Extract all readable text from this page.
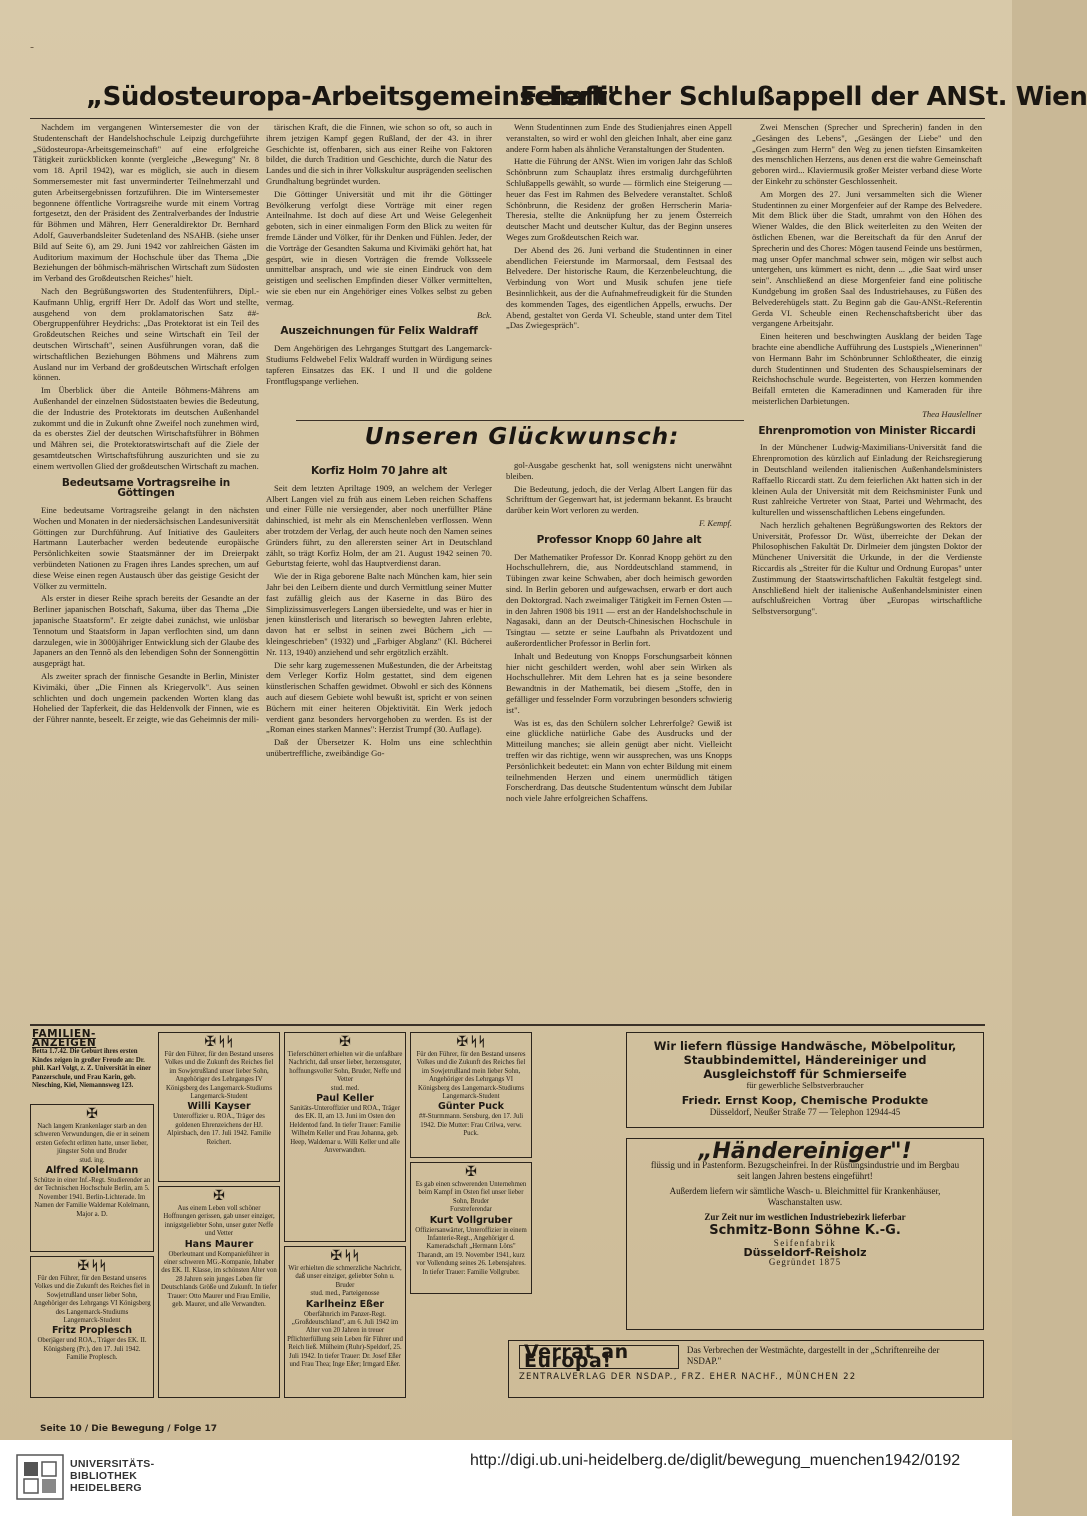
-
„Südosteuropa-Arbeitsgemeinschaft"
Feierlicher Schlußappell der ANSt. Wien

Nachdem im vergangenen Wintersemester die von der Studentenschaft der Handelshochschule Leipzig durchgeführte „Südosteuropa-Arbeitsgemeinschaft" auf eine erfolgreiche Tätigkeit zurückblicken konnte (vergleiche „Bewegung" Nr. 8 vom 18. April 1942), war es möglich, sie auch in diesem Sommersemester mit fast unverminderter Teilnehmerzahl und guten Arbeitsergebnissen fortzuführen. Die im Wintersemester begonnene öffentliche Vortragsreihe wurde mit einem Vortrag fortgesetzt, den der Präsident des Zentralverbandes der Industrie für Böhmen und Mähren, Herr Generaldirektor Dr. Bernhard Adolf, Gauverbandsleiter Sudetenland des NSAHB. (siehe unser Bild auf Seite 6), am 29. Juni 1942 vor zahlreichen Gästen im Auditorium maximum der Hochschule über das Thema „Die Beziehungen der böhmisch-mährischen Wirtschaft zum Südosten im Verband des Großdeutschen Reiches" hielt.

Nach den Begrüßungsworten des Studentenführers, Dipl.-Kaufmann Uhlig, ergriff Herr Dr. Adolf das Wort und stellte, ausgehend von dem proklamatorischen Satz ##-Obergruppenführer Heydrichs: „Das Protektorat ist ein Teil des Großdeutschen Reiches und seine Wirtschaft ein Teil der deutschen Wirtschaft", seinen Ausführungen voran, daß die wirtschaftlichen Beziehungen Böhmens und Mährens zum Ausland nur im Verband der großdeutschen Wirtschaft erfolgen können.

Im Überblick über die Anteile Böhmens-Mährens am Außenhandel der einzelnen Südoststaaten bewies die Bedeutung, die der Industrie des Protektorats im deutschen Außenhandel zukommt und die in Zukunft ohne Zweifel noch zunehmen wird, da es oberstes Ziel der deutschen Wirtschaftsführer in Böhmen und Mähren sei, die Protektoratswirtschaft auf die Ziele der gesamtdeutschen Wirtschaftsführung auszurichten und sie zu einem wertvollen Glied der großdeutschen Wirtschaft zu machen.

Bedeutsame Vortragsreihe in Göttingen

Eine bedeutsame Vortragsreihe gelangt in den nächsten Wochen und Monaten in der niedersächsischen Landesuniversität Göttingen zur Durchführung. Auf Initiative des Gauleiters Hartmann Lauterbacher werden bedeutende europäische Persönlichkeiten sowie Staatsmänner der im Dreierpakt verbündeten Nationen zu Fragen ihres Landes sprechen, um auf diese Weise einen regen Austausch über das geistige Gesicht der Völker zu vermitteln.

Als erster in dieser Reihe sprach bereits der Gesandte an der Berliner japanischen Botschaft, Sakuma, über das Thema „Die japanische Staatsform". Er zeigte dabei zunächst, wie unlösbar Tennotum und Staatsform in Japan verflochten sind, um dann darzulegen, wie in 3000jähriger Entwicklung sich der Glaube des Japaners an den Tennō als den lebendigen Sohn der Sonnengöttin ausgeprägt hat.

Als zweiter sprach der finnische Gesandte in Berlin, Minister Kivimäki, über „Die Finnen als Kriegervolk". Aus seinen schlichten und doch ungemein packenden Worten klang das Hohelied der Tapferkeit, die das Heldenvolk der Finnen, wie es der Führer nannte, beseelt. Er zeigte, wie das Geheimnis der mili-

tärischen Kraft, die die Finnen, wie schon so oft, so auch in ihrem jetzigen Kampf gegen Rußland, der der 43. in ihrer Geschichte ist, offenbaren, sich aus einer Reihe von Faktoren bildet, die durch Tradition und Geschichte, durch die Natur des Landes und die sich in ihrer Volkskultur ausprägenden seelischen Grundhaltung begründet wurden.

Die Göttinger Universität und mit ihr die Göttinger Bevölkerung verfolgt diese Vorträge mit einer regen Anteilnahme. Ist doch auf diese Art und Weise Gelegenheit geboten, sich in einer einmaligen Form den Blick zu weiten für fremde Länder und Völker, für ihr Denken und Fühlen. Jeder, der die Vorträge der Gesandten Sakuma und Kivimäki gehört hat, hat gespürt, wie in diesen Vorträgen die fremde Volksseele unmittelbar ansprach, und wie sie einen Eindruck von dem geistigen und seelischen Empfinden dieser Völker vermittelten, wie sie eben nur ein Angehöriger eines Volkes selbst zu geben vermag.

Bck.

Auszeichnungen für Felix Waldraff

Dem Angehörigen des Lehrganges Stuttgart des Langemarck-Studiums Feldwebel Felix Waldraff wurden in Würdigung seines tapferen Einsatzes das EK. I und II und die goldene Frontflugspange verliehen.

Wenn Studentinnen zum Ende des Studienjahres einen Appell veranstalten, so wird er wohl den gleichen Inhalt, aber eine ganz andere Form haben als ähnliche Veranstaltungen der Studenten.

Hatte die Führung der ANSt. Wien im vorigen Jahr das Schloß Schönbrunn zum Schauplatz ihres erstmalig durchgeführten Schlußappells gewählt, so wurde — förmlich eine Steigerung — heuer das Fest im Rahmen des Belvedere veranstaltet. Schloß Schönbrunn, die Residenz der großen Herrscherin Maria-Theresia, stellte die Anknüpfung her zu jenem Österreich deutscher Macht und deutscher Kultur, das der Beginn unseres Weges zum Großdeutschen Reich war.

Der Abend des 26. Juni verband die Studentinnen in einer abendlichen Feierstunde im Marmorsaal, dem Festsaal des Belvedere. Der historische Raum, die Kerzenbeleuchtung, die Verbindung von Wort und Musik schufen jene tiefe Besinnlichkeit, aus der die Aufnahmefreudigkeit für die Stunden des kommenden Tages, des eigentlichen Appells, erwuchs. Der Abend, gestaltet von Gerda VI. Scheuble, stand unter dem Titel „Das Zwiegespräch".

Zwei Menschen (Sprecher und Sprecherin) fanden in den „Gesängen des Lebens", „Gesängen der Liebe" und den „Gesängen zum Herrn" den Weg zu jenen tiefsten Einsamkeiten des menschlichen Herzens, aus denen erst die wahre Gemeinschaft geboren wird... Klaviermusik großer Meister verband diese Worte der Einkehr zu schönster Geschlossenheit.

Am Morgen des 27. Juni versammelten sich die Wiener Studentinnen zu einer Morgenfeier auf der Rampe des Belvedere. Mit dem Blick über die Stadt, umrahmt von den Höhen des Wiener Waldes, die den Blick weiterleiten zu den Weiten der östlichen Ebenen, war die Bereitschaft da für den Anruf der Sprecherin und des Chores: Mögen tausend Feinde uns bestürmen, mag unser Opfer manchmal schwer sein, mögen wir selbst auch untergehen, uns kümmert es nicht, denn ... „die Saat wird unser sein". Anschließend an diese Morgenfeier fand eine politische Kundgebung im großen Saal des Industriehauses, zu Füßen des Belvederehügels statt. Zu Beginn gab die Gau-ANSt.-Referentin Gerda VI. Scheuble einen Rechenschaftsbericht über das vergangene Arbeitsjahr.

Einen heiteren und beschwingten Ausklang der beiden Tage brachte eine abendliche Aufführung des Lustspiels „Wienerinnen" von Hermann Bahr im Schönbrunner Schloßtheater, die einzig durch Studentinnen und Studenten des Schauspielseminars der Reichshochschule wurde. Begeisterten, von Herzen kommenden Beifall ernteten die Kameradinnen und Kameraden für ihre meisterlichen Darbietungen.

Thea Hauslellner

Ehrenpromotion von Minister Riccardi

In der Münchener Ludwig-Maximilians-Universität fand die Ehrenpromotion des kürzlich auf Einladung der Reichsregierung in Deutschland weilenden italienischen Außenhandelsministers Raffaello Riccardi statt. Zu dem feierlichen Akt hatten sich in der kleinen Aula der Universität mit dem Reichsminister Funk und Rust zahlreiche Vertreter von Staat, Partei und Wehrmacht, des kulturellen und wissenschaftlichen Lebens eingefunden.

Nach herzlich gehaltenen Begrüßungsworten des Rektors der Universität, Professor Dr. Wüst, überreichte der Dekan der Philosophischen Fakultät Dr. Dirlmeier dem jüngsten Doktor der Münchener Universität die Urkunde, in der die Verdienste Riccardis als „Streiter für die Kultur und Ordnung Europas" unter Zustimmung der Staatswirtschaftlichen Fakultät festgelegt sind. Anschließend hielt der italienische Außenhandelsminister einen aufschlußreichen Vortrag über „Europas wirtschaftliche Selbstversorgung".

Unseren Glückwunsch:
Korfiz Holm 70 Jahre alt

Seit dem letzten Apriltage 1909, an welchem der Verleger Albert Langen viel zu früh aus einem Leben reichen Schaffens und einer Fülle nie versiegender, aber noch unerfüllter Pläne dahinschied, ist mehr als ein Menschenleben verflossen. Wenn aber trotzdem der Verlag, der auch heute noch den Namen seines Gründers führt, zu den allerersten seiner Art in Deutschland zählt, so trägt Korfiz Holm, der am 21. August 1942 seinen 70. Geburtstag feierte, wohl das Hauptverdienst daran.

Wie der in Riga geborene Balte nach München kam, hier sein Jahr bei den Leibern diente und durch Vermittlung seiner Mutter fast zufällig gleich aus der Kaserne in das Büro des Simplizissimusverlegers Langen übersiedelte, und was er hier in jenen künstlerisch und literarisch so bewegten Jahren erlebte, davon hat er selbst in seinen zwei Büchern „ich — kleingeschrieben" (1932) und „Farbiger Abglanz" (Kl. Bücherei Nr. 113, 1940) anziehend und sehr ergötzlich erzählt.

Die sehr karg zugemessenen Mußestunden, die der Arbeitstag dem Verleger Korfiz Holm gestattet, sind dem eigenen künstlerischen Schaffen gewidmet. Obwohl er sich des Könnens auch auf diesem Gebiete wohl bewußt ist, spricht er von seinen Büchern mit einer heiteren Objektivität. Ein Werk jedoch verdient ganz besonders hervorgehoben zu werden. Es ist der „Roman eines starken Mannes": Herzist Trumpf (30. Auflage).

Daß der Übersetzer K. Holm uns eine schlechthin unübertreffliche, zweibändige Go-

gol-Ausgabe geschenkt hat, soll wenigstens nicht unerwähnt bleiben.

Die Bedeutung, jedoch, die der Verlag Albert Langen für das Schrifttum der Gegenwart hat, ist jedermann bekannt. Es braucht darüber kein Wort verloren zu werden.

F. Kempf.

Professor Knopp 60 Jahre alt

Der Mathematiker Professor Dr. Konrad Knopp gehört zu den Hochschullehrern, die, aus Norddeutschland stammend, in Tübingen zwar keine Schwaben, aber doch heimisch geworden sind. In Berlin geboren und aufgewachsen, erwarb er dort auch den Doktorgrad. Nach zweimaliger Tätigkeit im Fernen Osten — in den Jahren 1908 bis 1911 — erst an der Handelshochschule in Nagasaki, dann an der Deutsch-Chinesischen Hochschule in Tsingtau — setzte er seine Laufbahn als Privatdozent und außerordentlicher Professor in Berlin fort.

Inhalt und Bedeutung von Knopps Forschungsarbeit können hier nicht geschildert werden, wohl aber sein Wirken als Hochschullehrer. Mit dem Lehren hat es ja seine besondere Bewandtnis in der Mathematik, bei diesem „Stoffe, den in gefälliger und fesselnder Form vorzubringen besonders schwierig ist".

Was ist es, das den Schülern solcher Lehrerfolge? Gewiß ist eine glückliche natürliche Gabe des Ausdrucks und der Mitteilung manches; sie allein genügt aber nicht. Vielleicht treffen wir das richtige, wenn wir aussprechen, was uns Knopps Persönlichkeit bedeutet: ein Mann von echter Bildung mit einem teilnehmenden Herzen und einem unermüdlich tätigen Forscherdrang. Das deutsche Studententum wünscht dem Jubilar noch viele Jahre erfolgreichen Schaffens.

FAMILIEN-ANZEIGEN
Betta 1.7.42. Die Geburt ihres ersten Kindes zeigen in großer Freude an: Dr. phil. Karl Volgt, z. Z. Universität in einer Panzerschule, und Frau Karin, geb. Niesching, Kiel, Niemannsweg 123.
✠
Nach langem Krankenlager starb an den schweren Verwundungen, die er in seinem ersten Gefecht erlitten hatte, unser lieber, jüngster Sohn und Bruder
stud. ing.
Alfred Kolelmann
Schütze in einer Inf.-Regt. Studierender an der Technischen Hochschule Berlin, am 5. November 1941. Berlin-Lichterade. Im Namen der Familie Waldemar Kolelmann, Major a. D.
✠ ᛋᛋ
Für den Führer, für den Bestand unseres Volkes und die Zukunft des Reiches fiel in Sowjetrußland unser lieber Sohn, Angehöriger des Lehrgangs VI Königsberg des Langemarck-Studiums
Langemarck-Student
Fritz Proplesch
Oberjäger und ROA., Träger des EK. II. Königsberg (Pr.), den 17. Juli 1942. Familie Proplesch.
✠ ᛋᛋ
Für den Führer, für den Bestand unseres Volkes und die Zukunft des Reiches fiel im Sowjetrußland unser lieber Sohn, Angehöriger des Lehrganges IV Königsberg des Langemarck-Studiums
Langemarck-Student
Willi Kayser
Unteroffizier u. ROA., Träger des goldenen Ehrenzeichens der HJ. Alpirsbach, den 17. Juli 1942. Familie Reichert.
✠
Aus einem Leben voll schöner Hoffnungen gerissen, gab unser einziger, innigstgeliebter Sohn, unser guter Neffe und Vetter
Hans Maurer
Oberleutnant und Kompanieführer in einer schweren MG.-Kompanie, Inhaber des EK. II. Klasse, im schönsten Alter von 28 Jahren sein junges Leben für Deutschlands Größe und Zukunft. In tiefer Trauer: Otto Maurer und Frau Emilie, geb. Maurer, und alle Verwandten.
✠
Tieferschüttert erhielten wir die unfaßbare Nachricht, daß unser lieber, herzensguter, hoffnungsvoller Sohn, Bruder, Neffe und Vetter
stud. med.
Paul Keller
Sanitäts-Unteroffizier und ROA., Träger des EK. II, am 13. Juni im Osten den Heldentod fand. In tiefer Trauer: Familie Wilhelm Keller und Frau Johanna, geb. Heep, Waldemar u. Willi Keller und alle Anverwandten.
✠ ᛋᛋ
Wir erhielten die schmerzliche Nachricht, daß unser einziger, geliebter Sohn u. Bruder
stud. med., Parteigenosse
Karlheinz Eßer
Oberfähnrich im Panzer-Regt. „Großdeutschland", am 6. Juli 1942 im Alter von 20 Jahren in treuer Pflichterfüllung sein Leben für Führer und Reich ließ. Mülheim (Ruhr)-Speldorf, 25. Juli 1942. In tiefer Trauer: Dr. Josef Eßer und Frau Thea; Inge Eßer; Irmgard Eßer.
✠ ᛋᛋ
Für den Führer, für den Bestand unseres Volkes und die Zukunft des Reiches fiel im Sowjetrußland mein lieber Sohn, Angehöriger des Lehrgangs VI Königsberg des Langemarck-Studiums
Langemarck-Student
Günter Puck
##-Sturmmann. Sensburg, den 17. Juli 1942. Die Mutter: Frau Crilwa, verw. Puck.
✠
Es gab einen schwerenden Unternehmen beim Kampf im Osten fiel unser lieber Sohn, Bruder
Forstreferendar
Kurt Vollgruber
Offiziersanwärter, Unteroffizier in einem Infanterie-Regt., Angehöriger d. Kameradschaft „Hermann Löns" Tharandt, am 19. November 1941, kurz vor Vollendung seines 26. Lebensjahres. In tiefer Trauer: Familie Vollgruber.
Wir liefern flüssige Handwäsche, Möbelpolitur,
Staubbindemittel, Händereiniger und
Ausgleichstoff für Schmierseife
für gewerbliche Selbstverbraucher
Friedr. Ernst Koop, Chemische Produkte
Düsseldorf, Neußer Straße 77 — Telephon 12944-45
„Händereiniger"!
flüssig und in Pastenform. Bezugscheinfrei. In der Rüstungsindustrie und im Bergbau seit langen Jahren bestens eingeführt!
Außerdem liefern wir sämtliche Wasch- u. Bleichmittel für Krankenhäuser, Waschanstalten usw.
Zur Zeit nur im westlichen Industriebezirk lieferbar
Schmitz-Bonn Söhne K.-G.
Seifenfabrik
Düsseldorf-Reisholz
Gegründet 1875
Verrat an Europa! Das Verbrechen der Westmächte, dargestellt in der „Schriftenreihe der NSDAP."
ZENTRALVERLAG DER NSDAP., FRZ. EHER NACHF., MÜNCHEN 22
Seite 10 / Die Bewegung / Folge 17
UNIVERSITÄTS-
BIBLIOTHEK
HEIDELBERG
http://digi.ub.uni-heidelberg.de/diglit/bewegung_muenchen1942/0192
